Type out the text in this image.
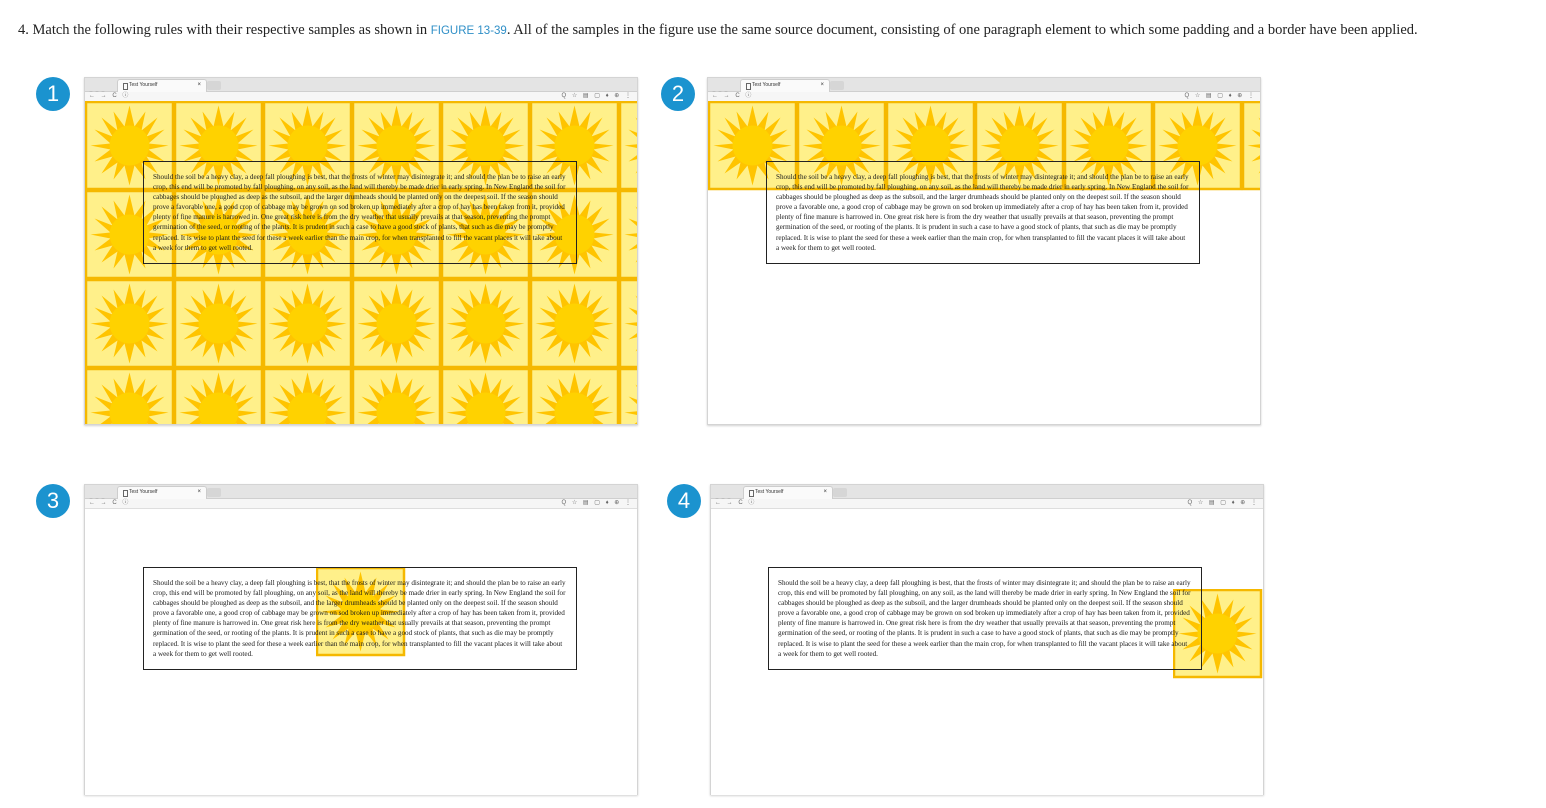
4. Match the following rules with their respective samples as shown in FIGURE 13-39. All of the samples in the figure use the same source document, consisting of one paragraph element to which some padding and a border have been applied.
1	Test Yourself	×
← → C ⓘ	Q ☆ ▤ ▢ ♦ ⊕ ⋮
Should the soil be a heavy clay, a deep fall ploughing is best, that the frosts of winter may disintegrate it; and should the plan be to raise an early crop, this end will be promoted by fall ploughing, on any soil, as the land will thereby be made drier in early spring. In New England the soil for cabbages should be ploughed as deep as the subsoil, and the larger drumheads should be planted only on the deepest soil. If the season should prove a favorable one, a good crop of cabbage may be grown on sod broken up immediately after a crop of hay has been taken from it, provided plenty of fine manure is harrowed in. One great risk here is from the dry weather that usually prevails at that season, preventing the prompt germination of the seed, or rooting of the plants. It is prudent in such a case to have a good stock of plants, that such as die may be promptly replaced. It is wise to plant the seed for these a week earlier than the main crop, for when transplanted to fill the vacant places it will take about a week for them to get well rooted.
2	Test Yourself	×
← → C ⓘ	Q ☆ ▤ ▢ ♦ ⊕ ⋮
Should the soil be a heavy clay, a deep fall ploughing is best, that the frosts of winter may disintegrate it; and should the plan be to raise an early crop, this end will be promoted by fall ploughing, on any soil, as the land will thereby be made drier in early spring. In New England the soil for cabbages should be ploughed as deep as the subsoil, and the larger drumheads should be planted only on the deepest soil. If the season should prove a favorable one, a good crop of cabbage may be grown on sod broken up immediately after a crop of hay has been taken from it, provided plenty of fine manure is harrowed in. One great risk here is from the dry weather that usually prevails at that season, preventing the prompt germination of the seed, or rooting of the plants. It is prudent in such a case to have a good stock of plants, that such as die may be promptly replaced. It is wise to plant the seed for these a week earlier than the main crop, for when transplanted to fill the vacant places it will take about a week for them to get well rooted.
3	Test Yourself	×
← → C ⓘ	Q ☆ ▤ ▢ ♦ ⊕ ⋮
Should the soil be a heavy clay, a deep fall ploughing is best, that the frosts of winter may disintegrate it; and should the plan be to raise an early crop, this end will be promoted by fall ploughing, on any soil, as the land will thereby be made drier in early spring. In New England the soil for cabbages should be ploughed as deep as the subsoil, and the larger drumheads should be planted only on the deepest soil. If the season should prove a favorable one, a good crop of cabbage may be grown on sod broken up immediately after a crop of hay has been taken from it, provided plenty of fine manure is harrowed in. One great risk here is from the dry weather that usually prevails at that season, preventing the prompt germination of the seed, or rooting of the plants. It is prudent in such a case to have a good stock of plants, that such as die may be promptly replaced. It is wise to plant the seed for these a week earlier than the main crop, for when transplanted to fill the vacant places it will take about a week for them to get well rooted.
4	Test Yourself	×
← → C ⓘ	Q ☆ ▤ ▢ ♦ ⊕ ⋮
Should the soil be a heavy clay, a deep fall ploughing is best, that the frosts of winter may disintegrate it; and should the plan be to raise an early crop, this end will be promoted by fall ploughing, on any soil, as the land will thereby be made drier in early spring. In New England the soil for cabbages should be ploughed as deep as the subsoil, and the larger drumheads should be planted only on the deepest soil. If the season should prove a favorable one, a good crop of cabbage may be grown on sod broken up immediately after a crop of hay has been taken from it, provided plenty of fine manure is harrowed in. One great risk here is from the dry weather that usually prevails at that season, preventing the prompt germination of the seed, or rooting of the plants. It is prudent in such a case to have a good stock of plants, that such as die may be promptly replaced. It is wise to plant the seed for these a week earlier than the main crop, for when transplanted to fill the vacant places it will take about a week for them to get well rooted.
